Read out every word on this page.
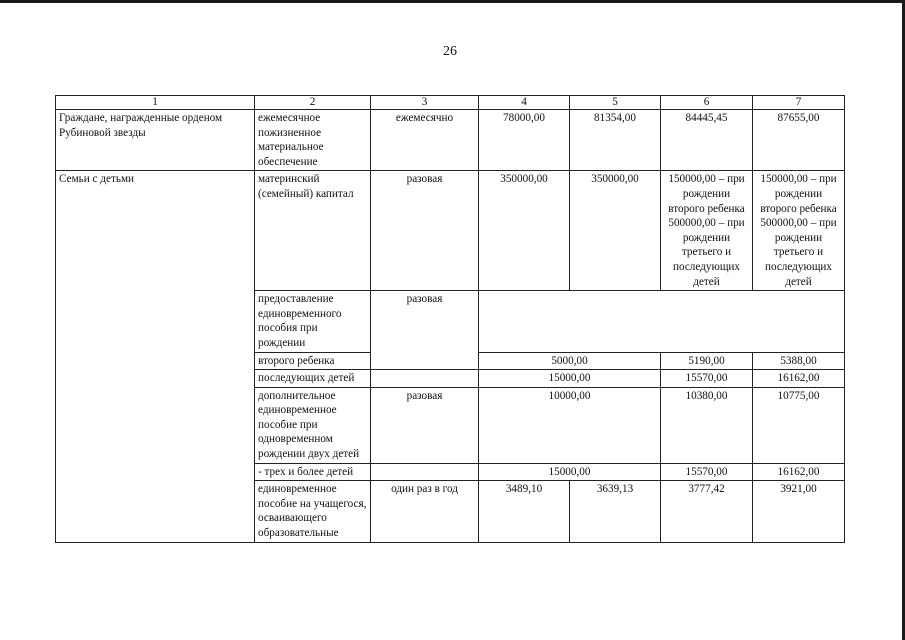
26
1	2	3	4	5	6	7
Граждане, награжденные орденом Рубиновой звезды	ежемесячное пожизненное материальное обеспечение	ежемесячно	78000,00	81354,00	84445,45	87655,00
Семьи с детьми	материнский (семейный) капитал	разовая	350000,00	350000,00	150000,00 – при рождении второго ребенка 500000,00 – при рождении третьего и последующих детей	150000,00 – при рождении второго ребенка 500000,00 – при рождении третьего и последующих детей
	предоставление единовременного пособия при рождении	разовая				
	второго ребенка		5000,00		5190,00	5388,00
	последующих детей		15000,00		15570,00	16162,00
	дополнительное единовременное пособие при одновременном рождении двух детей	разовая	10000,00		10380,00	10775,00
	- трех и более детей		15000,00		15570,00	16162,00
	единовременное пособие на учащегося, осваивающего образовательные	один раз в год	3489,10	3639,13	3777,42	3921,00
